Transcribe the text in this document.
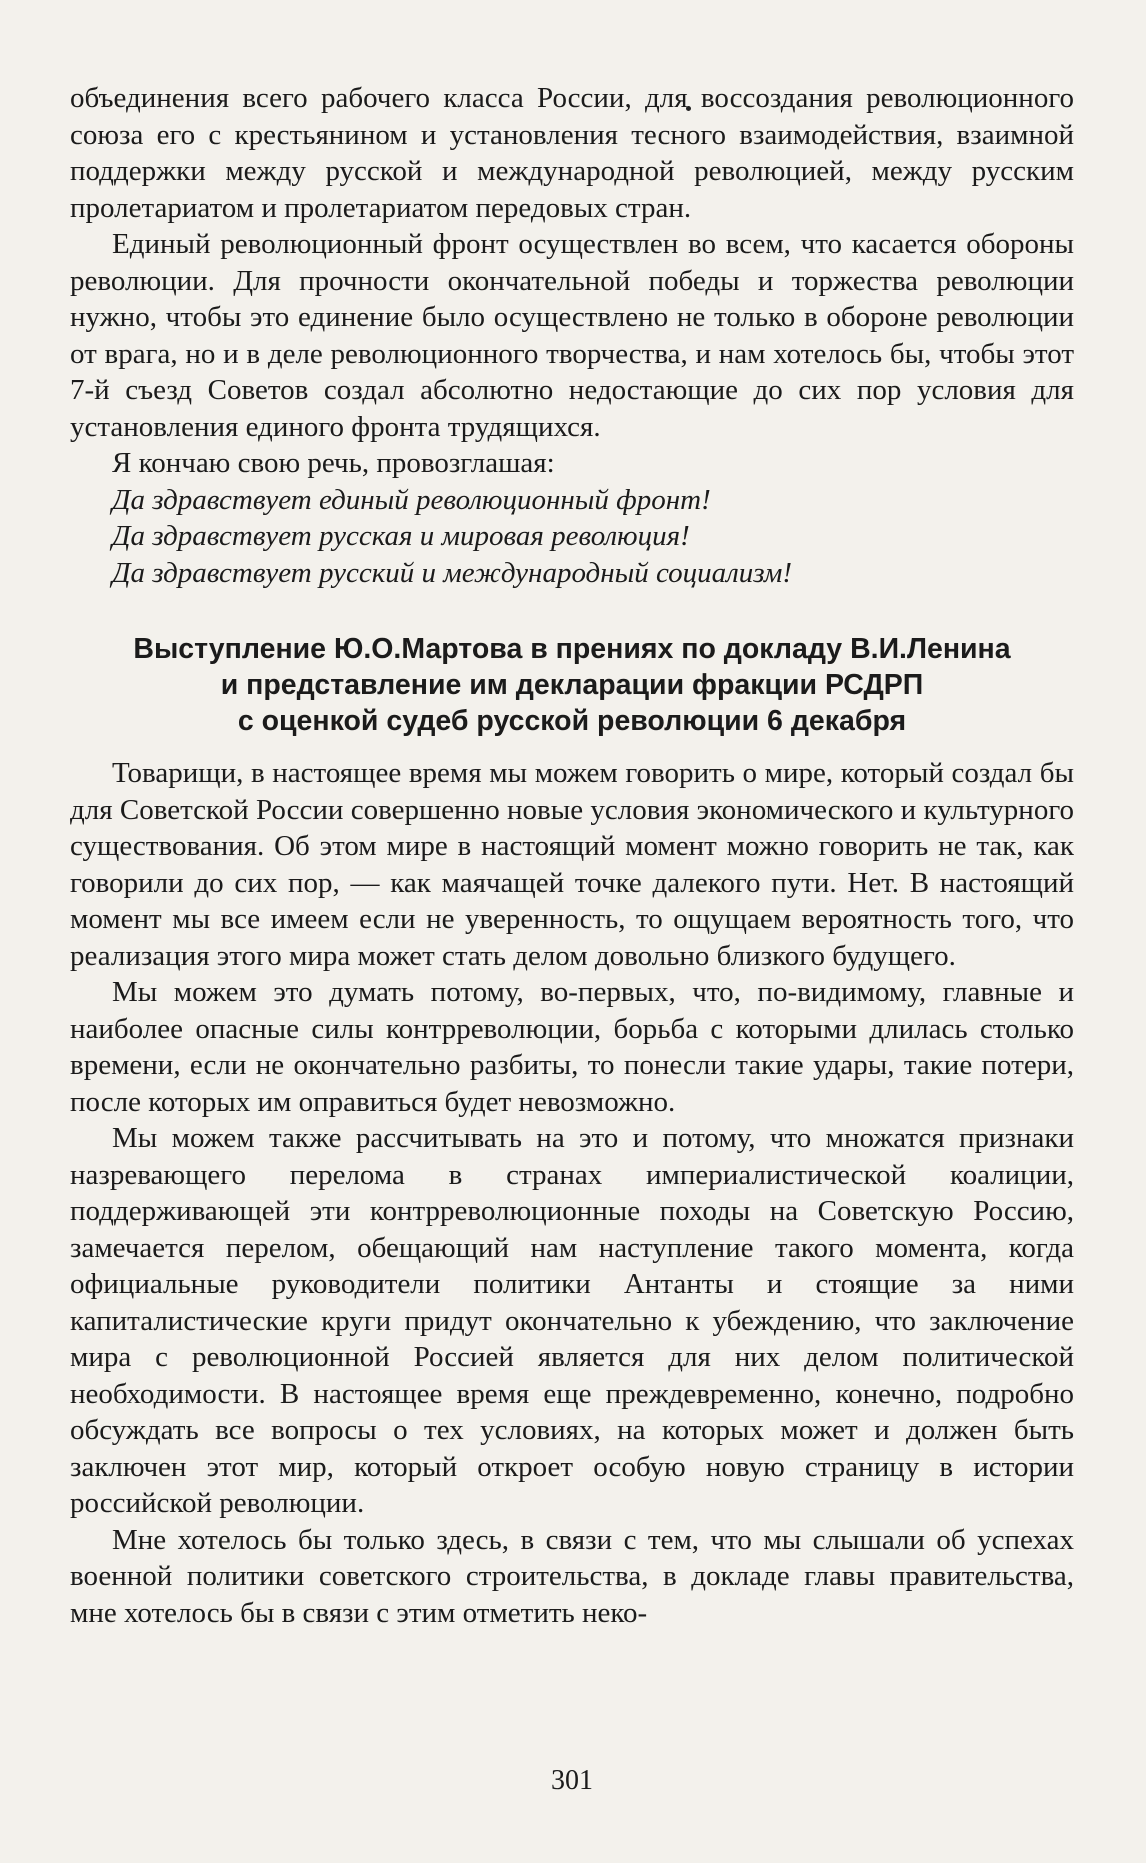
объединения всего рабочего класса России, для воссоздания революционного союза его с крестьянином и установления тесного взаимодействия, взаимной поддержки между русской и международной революцией, между русским пролетариатом и пролетариатом передовых стран.

Единый революционный фронт осуществлен во всем, что касается обороны революции. Для прочности окончательной победы и торжества революции нужно, чтобы это единение было осуществлено не только в обороне революции от врага, но и в деле революционного творчества, и нам хотелось бы, чтобы этот 7-й съезд Советов создал абсолютно недостающие до сих пор условия для установления единого фронта трудящихся.

Я кончаю свою речь, провозглашая:

Да здравствует единый революционный фронт!

Да здравствует русская и мировая революция!

Да здравствует русский и международный социализм!

Выступление Ю.О.Мартова в прениях по докладу В.И.Ленина
и представление им декларации фракции РСДРП
с оценкой судеб русской революции 6 декабря

Товарищи, в настоящее время мы можем говорить о мире, который создал бы для Советской России совершенно новые условия экономического и культурного существования. Об этом мире в настоящий момент можно говорить не так, как говорили до сих пор, — как маячащей точке далекого пути. Нет. В настоящий момент мы все имеем если не уверенность, то ощущаем вероятность того, что реализация этого мира может стать делом довольно близкого будущего.

Мы можем это думать потому, во-первых, что, по-видимому, главные и наиболее опасные силы контрреволюции, борьба с которыми длилась столько времени, если не окончательно разбиты, то понесли такие удары, такие потери, после которых им оправиться будет невозможно.

Мы можем также рассчитывать на это и потому, что множатся признаки назревающего перелома в странах империалистической коалиции, поддерживающей эти контрреволюционные походы на Советскую Россию, замечается перелом, обещающий нам наступление такого момента, когда официальные руководители политики Антанты и стоящие за ними капиталистические круги придут окончательно к убеждению, что заключение мира с революционной Россией является для них делом политической необходимости. В настоящее время еще преждевременно, конечно, подробно обсуждать все вопросы о тех условиях, на которых может и должен быть заключен этот мир, который откроет особую новую страницу в истории российской революции.

Мне хотелось бы только здесь, в связи с тем, что мы слышали об успехах военной политики советского строительства, в докладе главы правительства, мне хотелось бы в связи с этим отметить неко-

301
